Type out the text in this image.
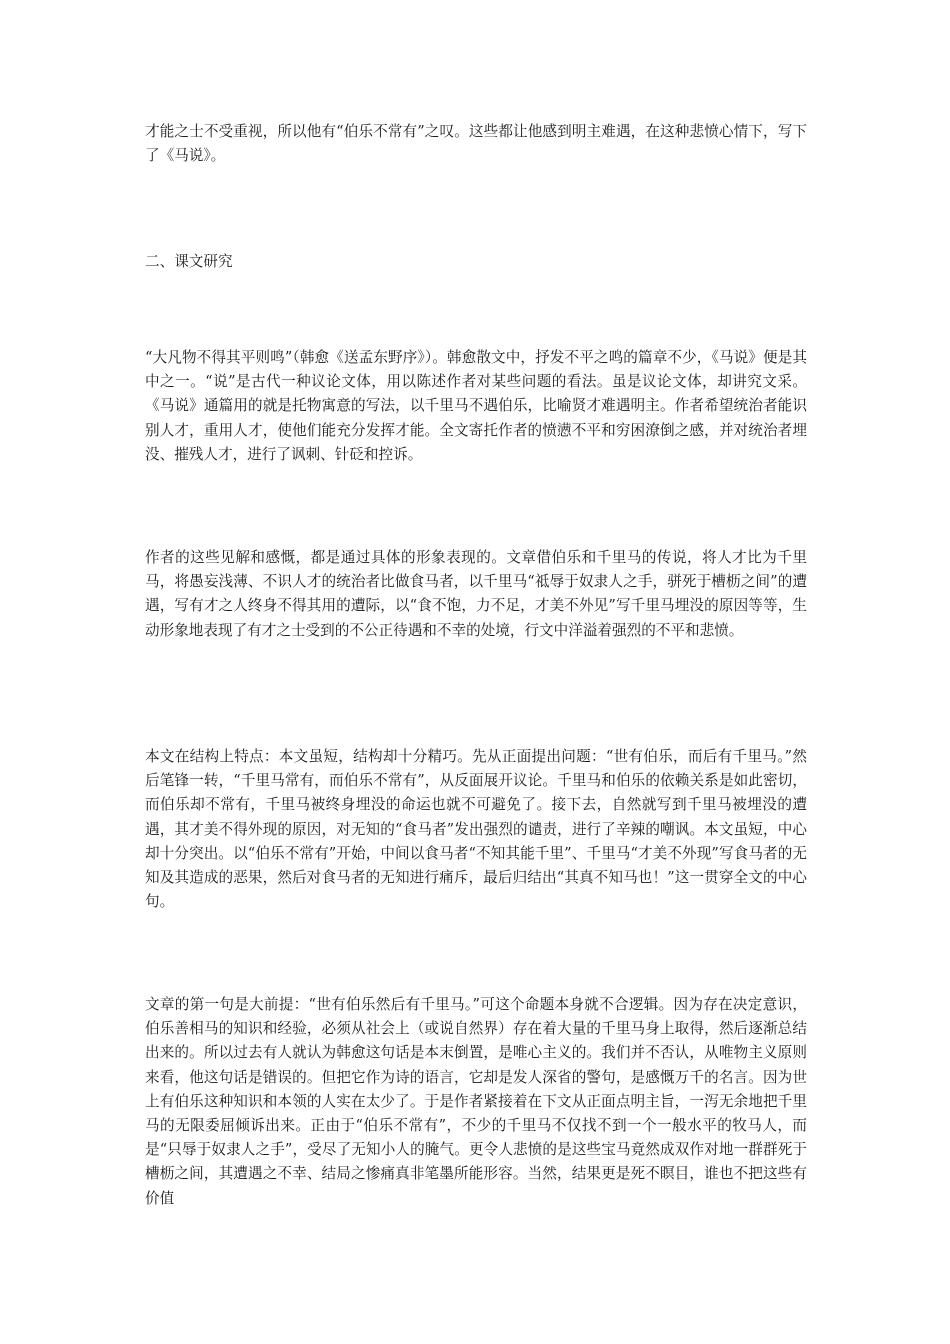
才能之士不受重视，所以他有“伯乐不常有”之叹。这些都让他感到明主难遇，在这种悲愤心情下，写下了《马说》。

二、课文研究

“大凡物不得其平则鸣”（韩愈《送孟东野序》）。韩愈散文中，抒发不平之鸣的篇章不少，《马说》便是其中之一。“说”是古代一种议论文体，用以陈述作者对某些问题的看法。虽是议论文体，却讲究文采。《马说》通篇用的就是托物寓意的写法，以千里马不遇伯乐，比喻贤才难遇明主。作者希望统治者能识别人才，重用人才，使他们能充分发挥才能。全文寄托作者的愤懑不平和穷困潦倒之感，并对统治者埋没、摧残人才，进行了讽刺、针砭和控诉。

作者的这些见解和感慨，都是通过具体的形象表现的。文章借伯乐和千里马的传说，将人才比为千里马，将愚妄浅薄、不识人才的统治者比做食马者，以千里马“祗辱于奴隶人之手，骈死于槽枥之间”的遭遇，写有才之人终身不得其用的遭际，以“食不饱，力不足，才美不外见”写千里马埋没的原因等等，生动形象地表现了有才之士受到的不公正待遇和不幸的处境，行文中洋溢着强烈的不平和悲愤。

本文在结构上特点：本文虽短，结构却十分精巧。先从正面提出问题：“世有伯乐，而后有千里马。”然后笔锋一转，“千里马常有，而伯乐不常有”，从反面展开议论。千里马和伯乐的依赖关系是如此密切，而伯乐却不常有，千里马被终身埋没的命运也就不可避免了。接下去，自然就写到千里马被埋没的遭遇，其才美不得外现的原因，对无知的“食马者”发出强烈的谴责，进行了辛辣的嘲讽。本文虽短，中心却十分突出。以“伯乐不常有”开始，中间以食马者“不知其能千里”、千里马“才美不外现”写食马者的无知及其造成的恶果，然后对食马者的无知进行痛斥，最后归结出“其真不知马也！”这一贯穿全文的中心句。

文章的第一句是大前提：“世有伯乐然后有千里马。”可这个命题本身就不合逻辑。因为存在决定意识，伯乐善相马的知识和经验，必须从社会上（或说自然界）存在着大量的千里马身上取得，然后逐渐总结出来的。所以过去有人就认为韩愈这句话是本末倒置，是唯心主义的。我们并不否认，从唯物主义原则来看，他这句话是错误的。但把它作为诗的语言，它却是发人深省的警句，是感慨万千的名言。因为世上有伯乐这种知识和本领的人实在太少了。于是作者紧接着在下文从正面点明主旨，一泻无余地把千里马的无限委屈倾诉出来。正由于“伯乐不常有”，不少的千里马不仅找不到一个一般水平的牧马人，而是“只辱于奴隶人之手”，受尽了无知小人的腌气。更令人悲愤的是这些宝马竟然成双作对地一群群死于槽枥之间，其遭遇之不幸、结局之惨痛真非笔墨所能形容。当然，结果更是死不瞑目，谁也不把这些有价值
